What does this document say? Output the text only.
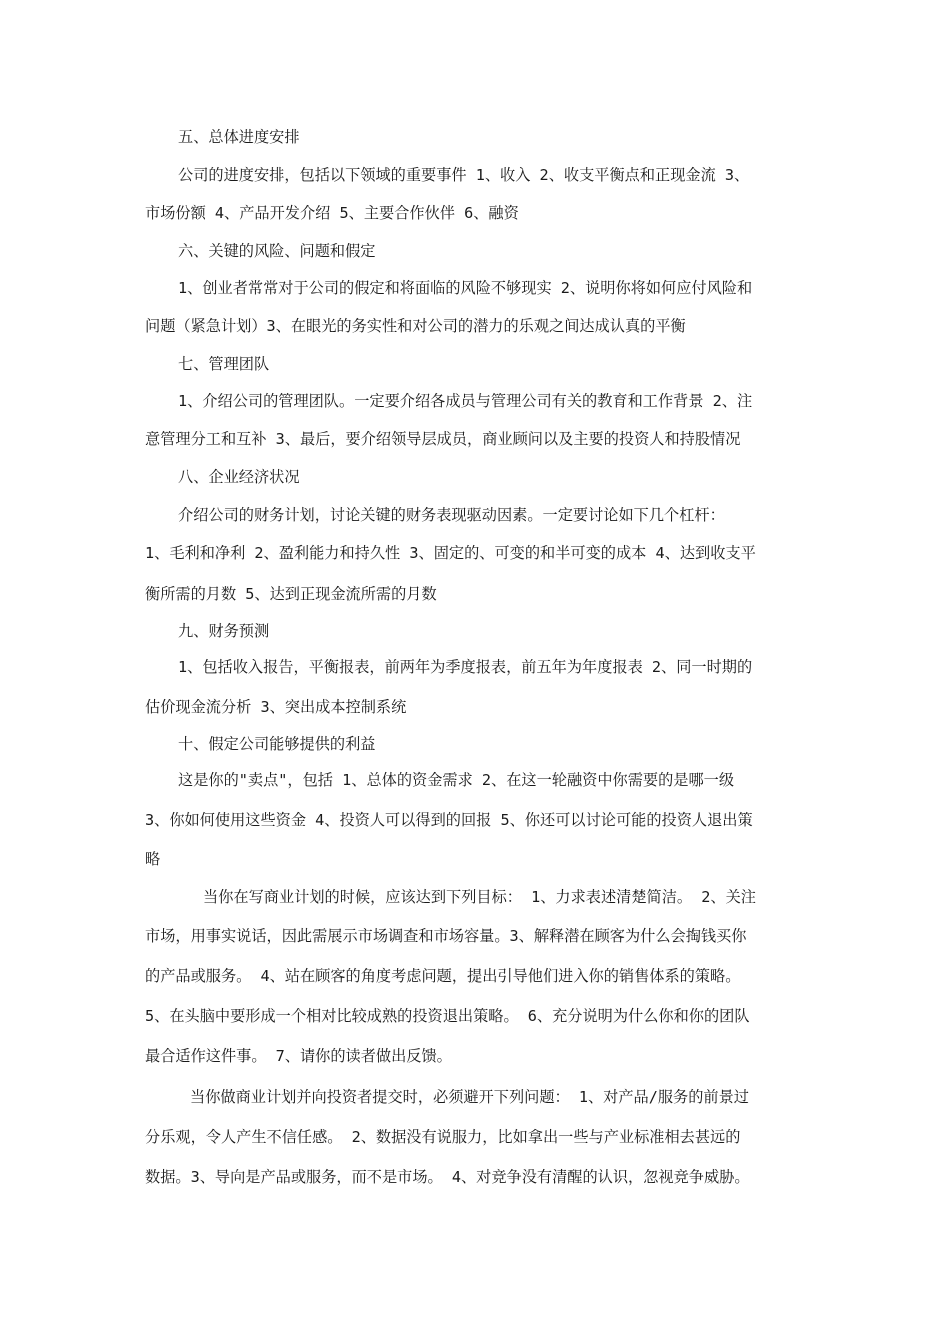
五、总体进度安排

公司的进度安排，包括以下领域的重要事件 1、收入 2、收支平衡点和正现金流 3、

市场份额 4、产品开发介绍 5、主要合作伙伴 6、融资

六、关键的风险、问题和假定

1、创业者常常对于公司的假定和将面临的风险不够现实 2、说明你将如何应付风险和

问题（紧急计划）3、在眼光的务实性和对公司的潜力的乐观之间达成认真的平衡

七、管理团队

1、介绍公司的管理团队。一定要介绍各成员与管理公司有关的教育和工作背景 2、注

意管理分工和互补 3、最后，要介绍领导层成员，商业顾问以及主要的投资人和持股情况

八、企业经济状况

介绍公司的财务计划，讨论关键的财务表现驱动因素。一定要讨论如下几个杠杆：

1、毛利和净利 2、盈利能力和持久性 3、固定的、可变的和半可变的成本 4、达到收支平

衡所需的月数 5、达到正现金流所需的月数

九、财务预测

1、包括收入报告，平衡报表，前两年为季度报表，前五年为年度报表 2、同一时期的

估价现金流分析 3、突出成本控制系统

十、假定公司能够提供的利益

这是你的"卖点"，包括 1、总体的资金需求 2、在这一轮融资中你需要的是哪一级

3、你如何使用这些资金 4、投资人可以得到的回报 5、你还可以讨论可能的投资人退出策

略

当你在写商业计划的时候，应该达到下列目标： 1、力求表述清楚简洁。 2、关注

市场，用事实说话，因此需展示市场调查和市场容量。3、解释潜在顾客为什么会掏钱买你

的产品或服务。 4、站在顾客的角度考虑问题，提出引导他们进入你的销售体系的策略。

5、在头脑中要形成一个相对比较成熟的投资退出策略。 6、充分说明为什么你和你的团队

最合适作这件事。 7、请你的读者做出反馈。

当你做商业计划并向投资者提交时，必须避开下列问题： 1、对产品/服务的前景过

分乐观，令人产生不信任感。 2、数据没有说服力，比如拿出一些与产业标准相去甚远的

数据。3、导向是产品或服务，而不是市场。 4、对竞争没有清醒的认识，忽视竞争威胁。
